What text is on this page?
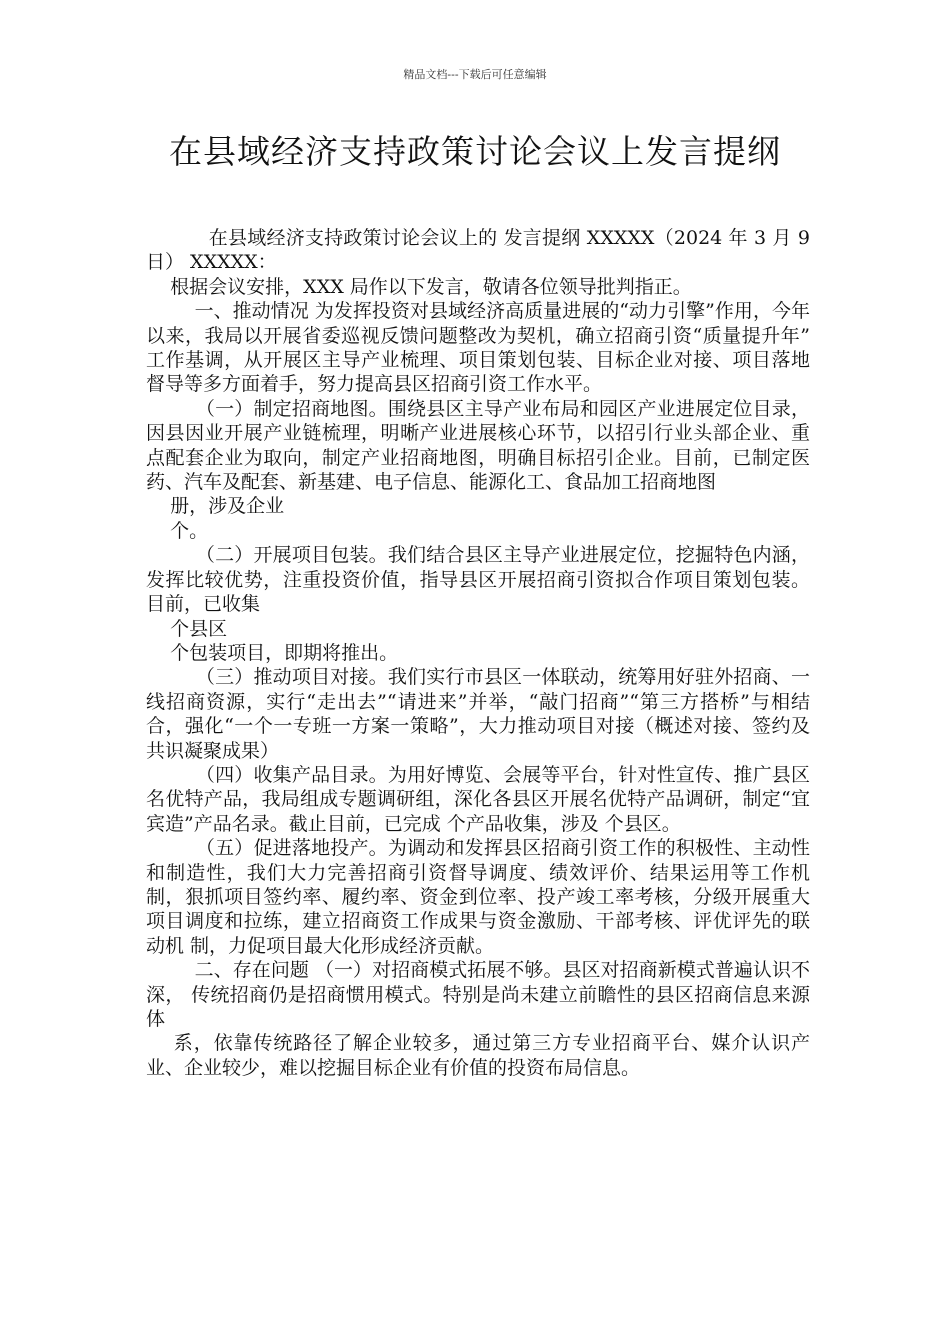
精品文档---下载后可任意编辑
在县域经济支持政策讨论会议上发言提纲

在县域经济支持政策讨论会议上的 发言提纲 XXXXX（2024 年 3 月 9 日） XXXXX：

根据会议安排，XXX 局作以下发言，敬请各位领导批判指正。

一、推动情况 为发挥投资对县域经济高质量进展的“动力引擎”作用，今年以来，我局以开展省委巡视反馈问题整改为契机，确立招商引资“质量提升年” 工作基调，从开展区主导产业梳理、项目策划包装、目标企业对接、项目落地督导等多方面着手，努力提高县区招商引资工作水平。

（一）制定招商地图。围绕县区主导产业布局和园区产业进展定位目录，因县因业开展产业链梳理，明晰产业进展核心环节，以招引行业头部企业、重点配套企业为取向，制定产业招商地图，明确目标招引企业。目前，已制定医药、汽车及配套、新基建、电子信息、能源化工、食品加工招商地图

册，涉及企业

个。

（二）开展项目包装。我们结合县区主导产业进展定位，挖掘特色内涵，发挥比较优势，注重投资价值，指导县区开展招商引资拟合作项目策划包装。目前，已收集

个县区

个包装项目，即期将推出。

（三）推动项目对接。我们实行市县区一体联动，统筹用好驻外招商、一线招商资源，实行“走出去”“请进来”并举，“敲门招商”“第三方搭桥”与相结合，强化“一个一专班一方案一策略”，大力推动项目对接（概述对接、签约及共识凝聚成果）

（四）收集产品目录。为用好博览、会展等平台，针对性宣传、推广县区名优特产品，我局组成专题调研组，深化各县区开展名优特产品调研，制定“宜宾造”产品名录。截止目前，已完成 个产品收集，涉及 个县区。

（五）促进落地投产。为调动和发挥县区招商引资工作的积极性、主动性和制造性，我们大力完善招商引资督导调度、绩效评价、结果运用等工作机制，狠抓项目签约率、履约率、资金到位率、投产竣工率考核，分级开展重大项目调度和拉练，建立招商资工作成果与资金激励、干部考核、评优评先的联动机 制，力促项目最大化形成经济贡献。

二、存在问题 （一）对招商模式拓展不够。县区对招商新模式普遍认识不深， 传统招商仍是招商惯用模式。特别是尚未建立前瞻性的县区招商信息来源体

系，依靠传统路径了解企业较多，通过第三方专业招商平台、媒介认识产业、企业较少，难以挖掘目标企业有价值的投资布局信息。
